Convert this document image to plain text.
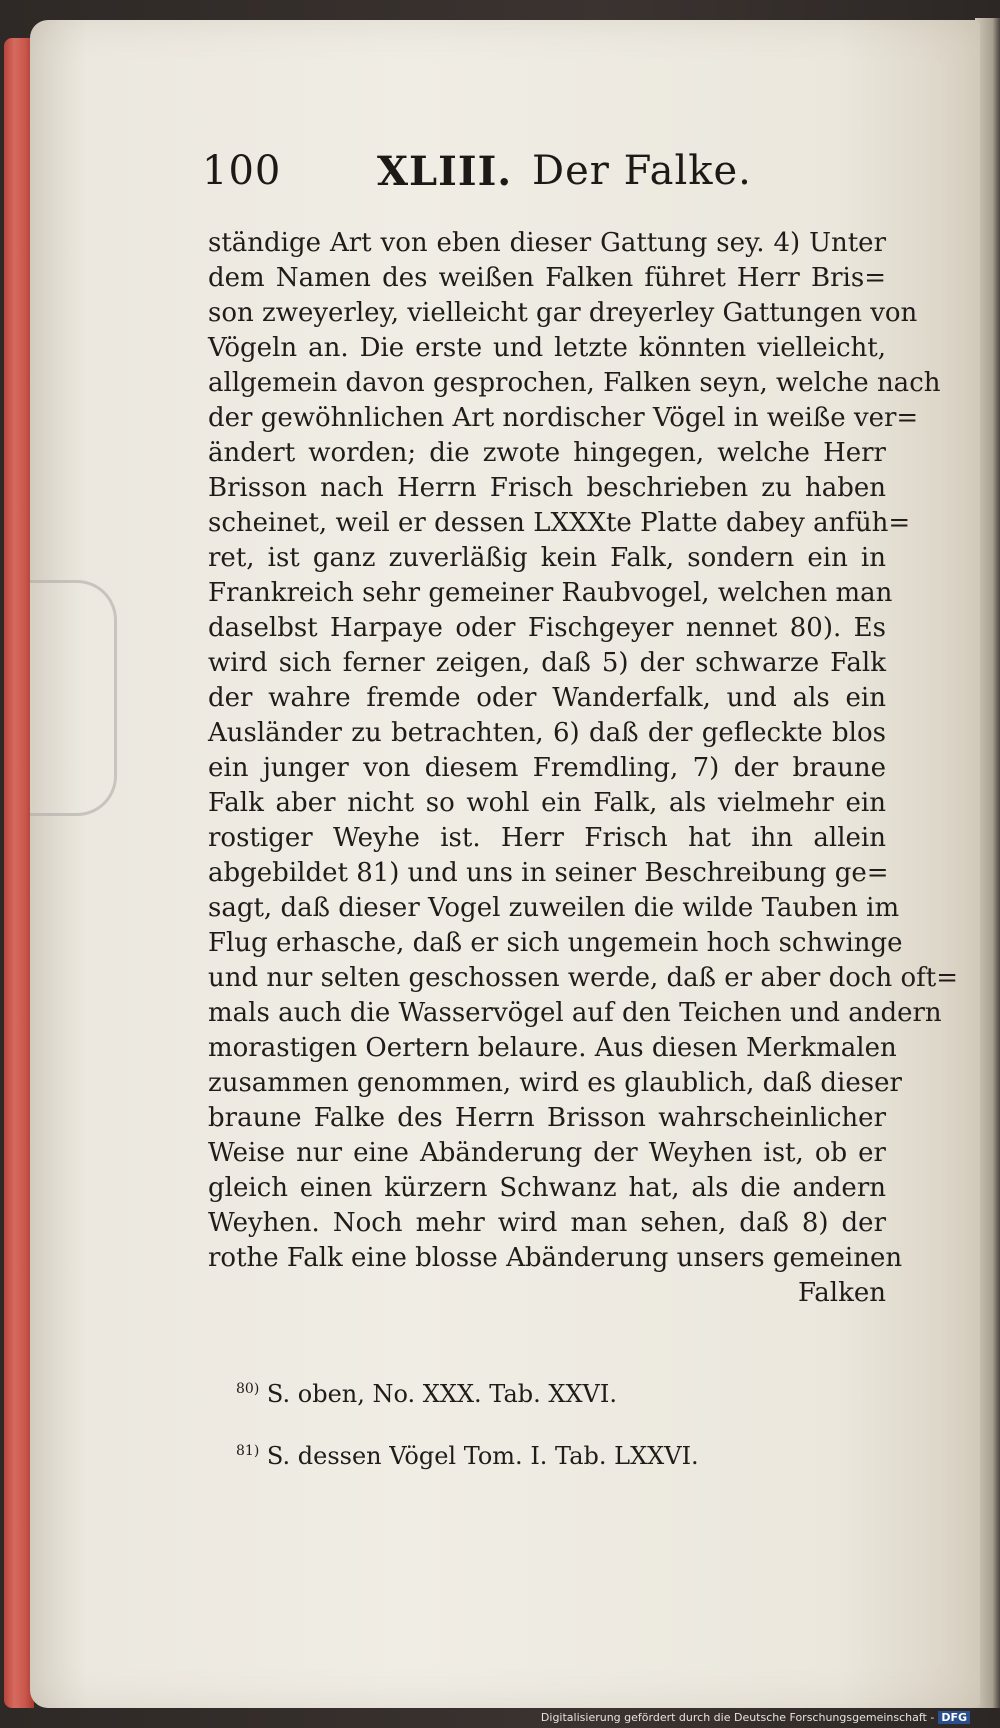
100 XLIII. Der Falke.
ständige Art von eben dieser Gattung sey. 4) Unter
dem Namen des weißen Falken führet Herr Bris=
son zweyerley, vielleicht gar dreyerley Gattungen von
Vögeln an. Die erste und letzte könnten vielleicht,
allgemein davon gesprochen, Falken seyn, welche nach
der gewöhnlichen Art nordischer Vögel in weiße ver=
ändert worden; die zwote hingegen, welche Herr
Brisson nach Herrn Frisch beschrieben zu haben
scheinet, weil er dessen LXXXte Platte dabey anfüh=
ret, ist ganz zuverläßig kein Falk, sondern ein in
Frankreich sehr gemeiner Raubvogel, welchen man
daselbst Harpaye oder Fischgeyer nennet 80). Es
wird sich ferner zeigen, daß 5) der schwarze Falk
der wahre fremde oder Wanderfalk, und als ein
Ausländer zu betrachten, 6) daß der gefleckte blos
ein junger von diesem Fremdling, 7) der braune
Falk aber nicht so wohl ein Falk, als vielmehr ein
rostiger Weyhe ist. Herr Frisch hat ihn allein
abgebildet 81) und uns in seiner Beschreibung ge=
sagt, daß dieser Vogel zuweilen die wilde Tauben im
Flug erhasche, daß er sich ungemein hoch schwinge
und nur selten geschossen werde, daß er aber doch oft=
mals auch die Wasservögel auf den Teichen und andern
morastigen Oertern belaure. Aus diesen Merkmalen
zusammen genommen, wird es glaublich, daß dieser
braune Falke des Herrn Brisson wahrscheinlicher
Weise nur eine Abänderung der Weyhen ist, ob er
gleich einen kürzern Schwanz hat, als die andern
Weyhen. Noch mehr wird man sehen, daß 8) der
rothe Falk eine blosse Abänderung unsers gemeinen
Falken
$^{80)}$ S. oben, No. XXX. Tab. XXVI.
$^{81)}$ S. dessen Vögel Tom. I. Tab. LXXVI.
Digitalisierung gefördert durch die Deutsche Forschungsgemeinschaft - DFG
